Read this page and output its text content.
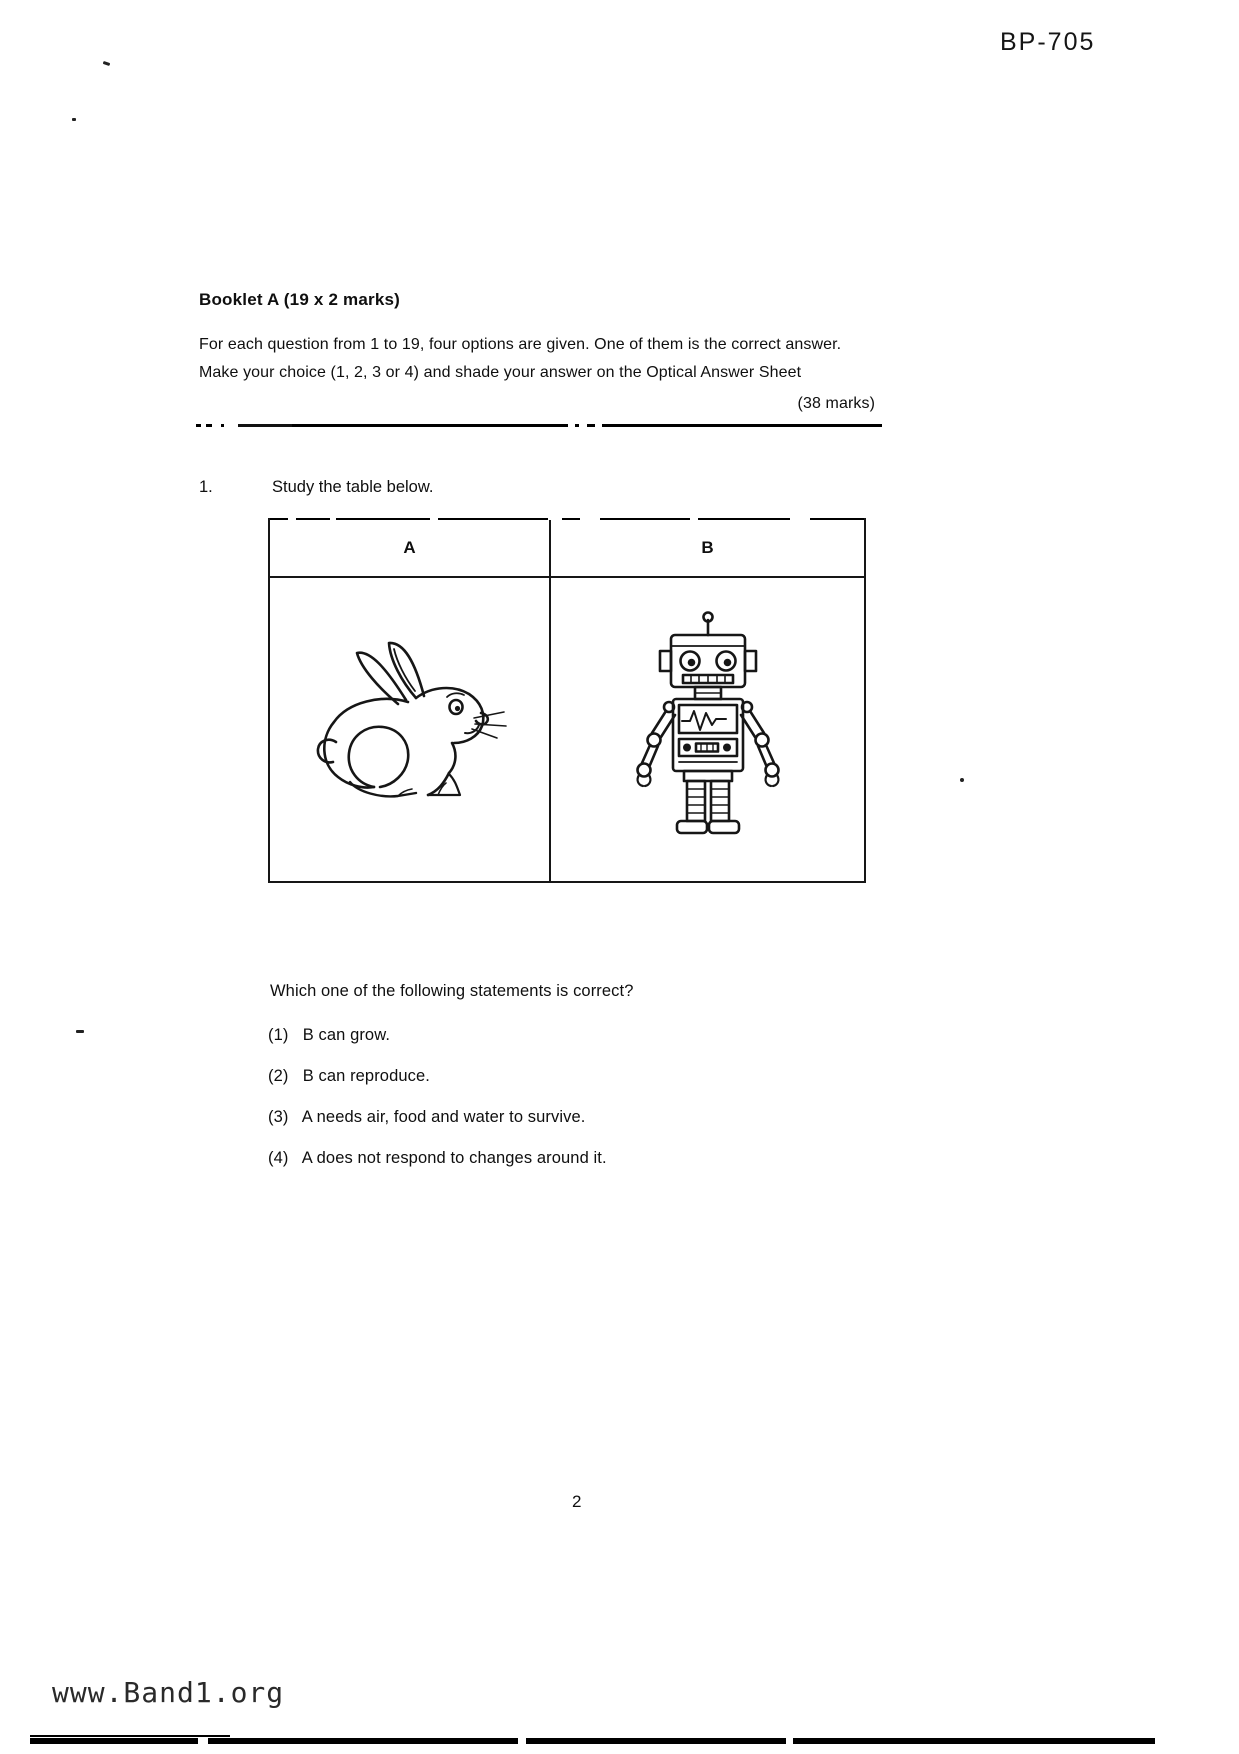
BP-705
Booklet A (19 x 2 marks)
For each question from 1 to 19, four options are given. One of them is the correct answer.
Make your choice (1, 2, 3 or 4) and shade your answer on the Optical Answer Sheet
(38 marks)
1.	Study the table below.
A	B
Which one of the following statements is correct?
(1) B can grow.
(2) B can reproduce.
(3) A needs air, food and water to survive.
(4) A does not respond to changes around it.
2
www.Band1.org
